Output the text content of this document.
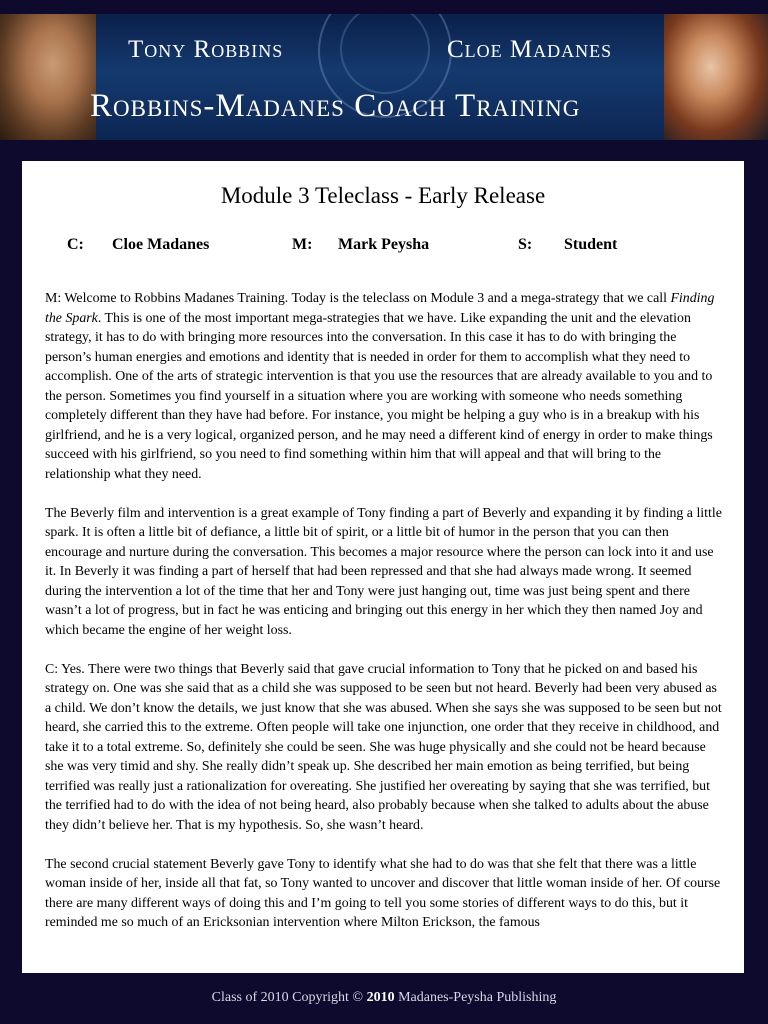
Tony Robbins	Cloe Madanes
Robbins-Madanes Coach Training
Module 3 Teleclass - Early Release
C: Cloe Madanes	M: Mark Peysha	S: Student

M: Welcome to Robbins Madanes Training. Today is the teleclass on Module 3 and a mega-strategy that we call Finding the Spark. This is one of the most important mega-strategies that we have. Like expanding the unit and the elevation strategy, it has to do with bringing more resources into the conversation. In this case it has to do with bringing the person’s human energies and emotions and identity that is needed in order for them to accomplish what they need to accomplish. One of the arts of strategic intervention is that you use the resources that are already available to you and to the person. Sometimes you find yourself in a situation where you are working with someone who needs something completely different than they have had before. For instance, you might be helping a guy who is in a breakup with his girlfriend, and he is a very logical, organized person, and he may need a different kind of energy in order to make things succeed with his girlfriend, so you need to find something within him that will appeal and that will bring to the relationship what they need.

The Beverly film and intervention is a great example of Tony finding a part of Beverly and expanding it by finding a little spark. It is often a little bit of defiance, a little bit of spirit, or a little bit of humor in the person that you can then encourage and nurture during the conversation. This becomes a major resource where the person can lock into it and use it. In Beverly it was finding a part of herself that had been repressed and that she had always made wrong. It seemed during the intervention a lot of the time that her and Tony were just hanging out, time was just being spent and there wasn’t a lot of progress, but in fact he was enticing and bringing out this energy in her which they then named Joy and which became the engine of her weight loss.

C: Yes. There were two things that Beverly said that gave crucial information to Tony that he picked on and based his strategy on. One was she said that as a child she was supposed to be seen but not heard. Beverly had been very abused as a child. We don’t know the details, we just know that she was abused. When she says she was supposed to be seen but not heard, she carried this to the extreme. Often people will take one injunction, one order that they receive in childhood, and take it to a total extreme. So, definitely she could be seen. She was huge physically and she could not be heard because she was very timid and shy. She really didn’t speak up. She described her main emotion as being terrified, but being terrified was really just a rationalization for overeating. She justified her overeating by saying that she was terrified, but the terrified had to do with the idea of not being heard, also probably because when she talked to adults about the abuse they didn’t believe her. That is my hypothesis. So, she wasn’t heard.

The second crucial statement Beverly gave Tony to identify what she had to do was that she felt that there was a little woman inside of her, inside all that fat, so Tony wanted to uncover and discover that little woman inside of her. Of course there are many different ways of doing this and I’m going to tell you some stories of different ways to do this, but it reminded me so much of an Ericksonian intervention where Milton Erickson, the famous

Class of 2010 Copyright © 2010 Madanes-Peysha Publishing
